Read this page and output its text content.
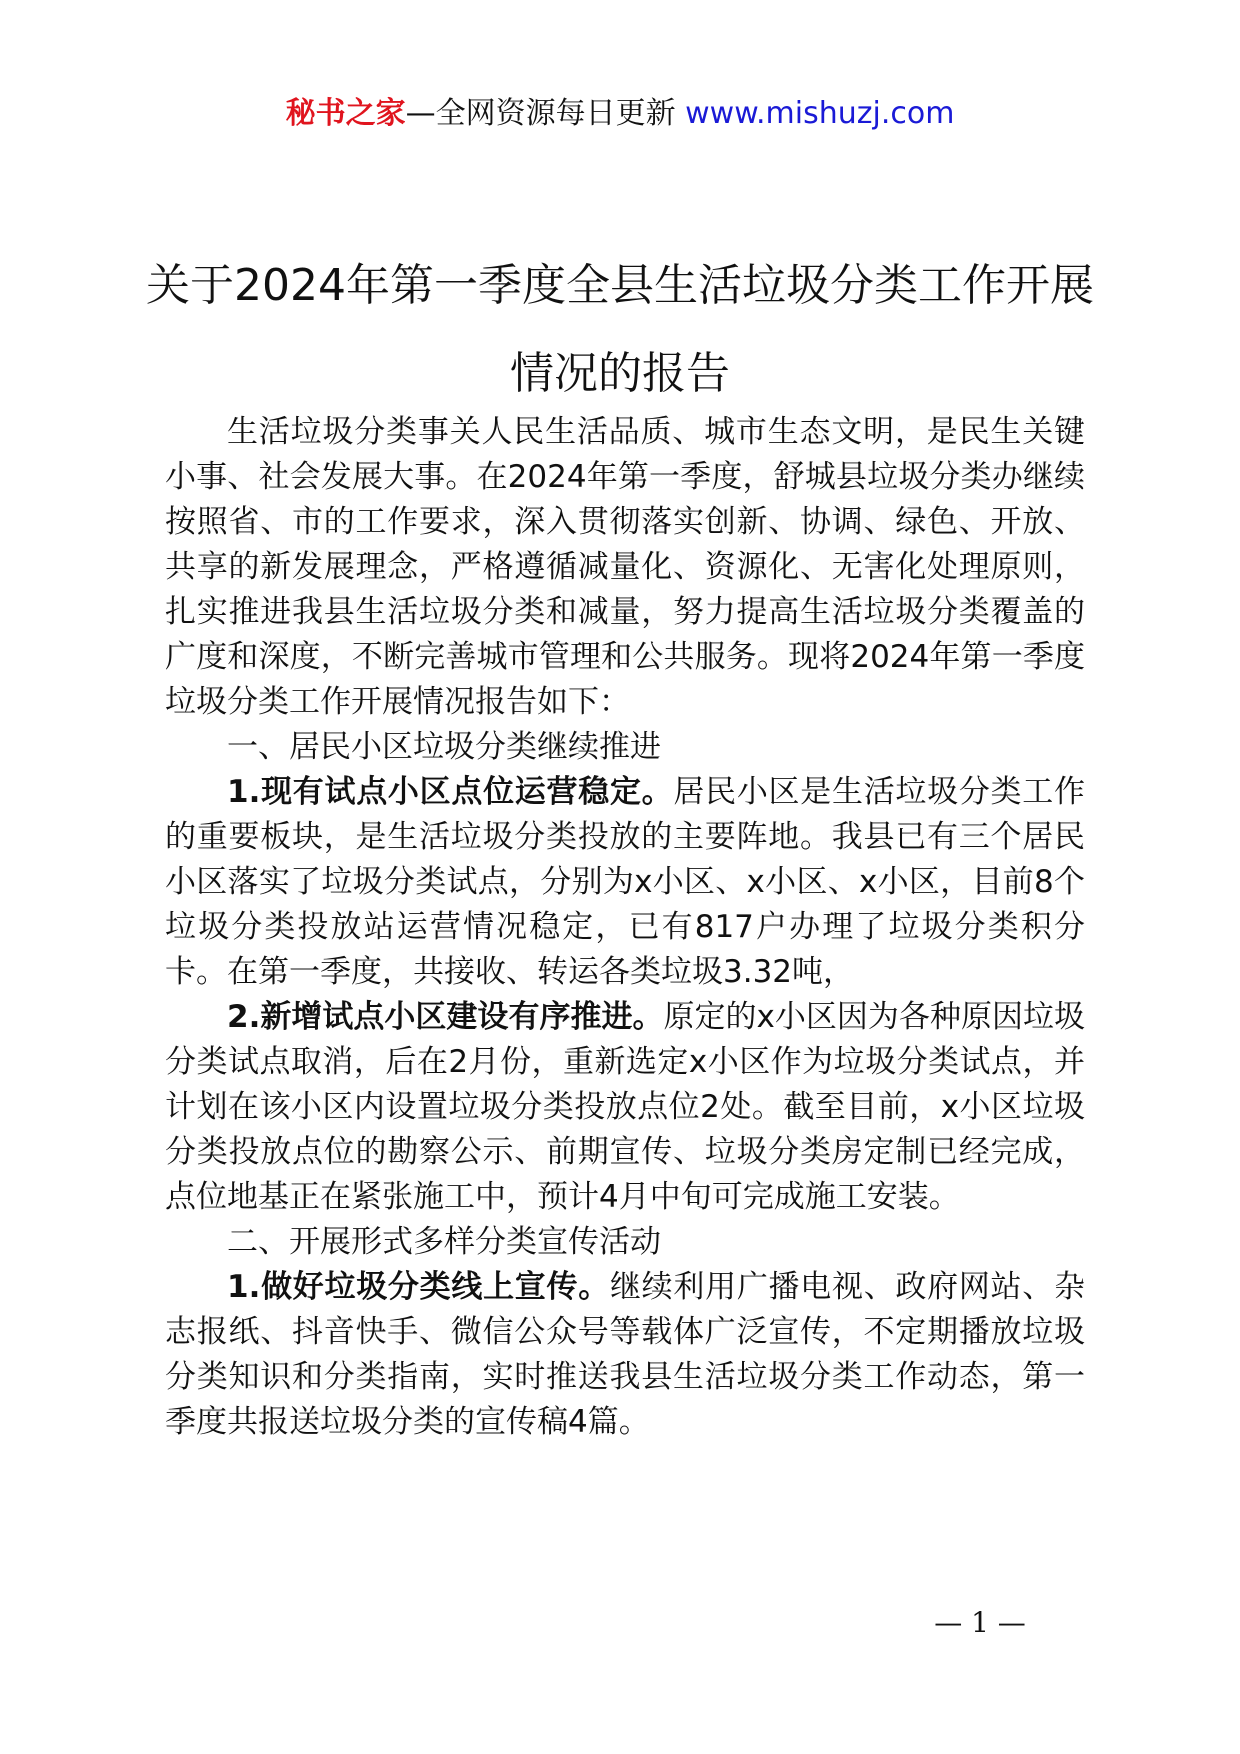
秘书之家—全网资源每日更新 www.mishuzj.com
关于2024年第一季度全县生活垃圾分类工作开展情况的报告

生活垃圾分类事关人民生活品质、城市生态文明，是民生关键小事、社会发展大事。在2024年第一季度，舒城县垃圾分类办继续按照省、市的工作要求，深入贯彻落实创新、协调、绿色、开放、共享的新发展理念，严格遵循减量化、资源化、无害化处理原则，扎实推进我县生活垃圾分类和减量，努力提高生活垃圾分类覆盖的广度和深度，不断完善城市管理和公共服务。现将2024年第一季度垃圾分类工作开展情况报告如下：

一、居民小区垃圾分类继续推进

1.现有试点小区点位运营稳定。居民小区是生活垃圾分类工作的重要板块，是生活垃圾分类投放的主要阵地。我县已有三个居民小区落实了垃圾分类试点，分别为x小区、x小区、x小区，目前8个垃圾分类投放站运营情况稳定，已有817户办理了垃圾分类积分卡。在第一季度，共接收、转运各类垃圾3.32吨，

2.新增试点小区建设有序推进。原定的x小区因为各种原因垃圾分类试点取消，后在2月份，重新选定x小区作为垃圾分类试点，并计划在该小区内设置垃圾分类投放点位2处。截至目前，x小区垃圾分类投放点位的勘察公示、前期宣传、垃圾分类房定制已经完成，点位地基正在紧张施工中，预计4月中旬可完成施工安装。

二、开展形式多样分类宣传活动

1.做好垃圾分类线上宣传。继续利用广播电视、政府网站、杂志报纸、抖音快手、微信公众号等载体广泛宣传，不定期播放垃圾分类知识和分类指南，实时推送我县生活垃圾分类工作动态，第一季度共报送垃圾分类的宣传稿4篇。

— 1 —
